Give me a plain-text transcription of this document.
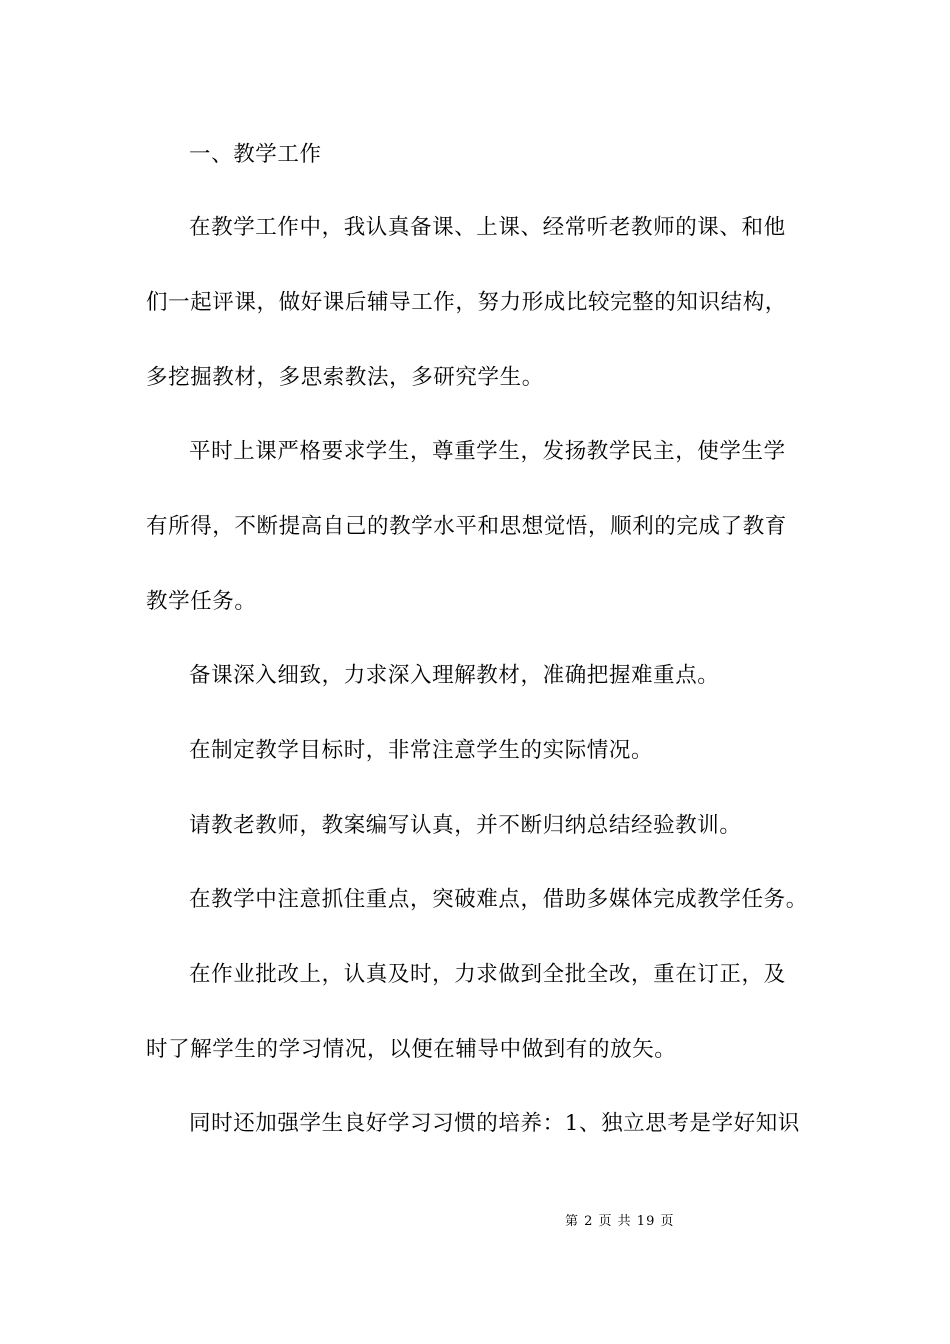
一、教学工作
在教学工作中，我认真备课、上课、经常听老教师的课、和他
们一起评课，做好课后辅导工作，努力形成比较完整的知识结构，
多挖掘教材，多思索教法，多研究学生。
平时上课严格要求学生，尊重学生，发扬教学民主，使学生学
有所得，不断提高自己的教学水平和思想觉悟，顺利的完成了教育
教学任务。
备课深入细致，力求深入理解教材，准确把握难重点。
在制定教学目标时，非常注意学生的实际情况。
请教老教师，教案编写认真，并不断归纳总结经验教训。
在教学中注意抓住重点，突破难点，借助多媒体完成教学任务。
在作业批改上，认真及时，力求做到全批全改，重在订正，及
时了解学生的学习情况，以便在辅导中做到有的放矢。
同时还加强学生良好学习习惯的培养：1、独立思考是学好知识
第 2 页 共 19 页
